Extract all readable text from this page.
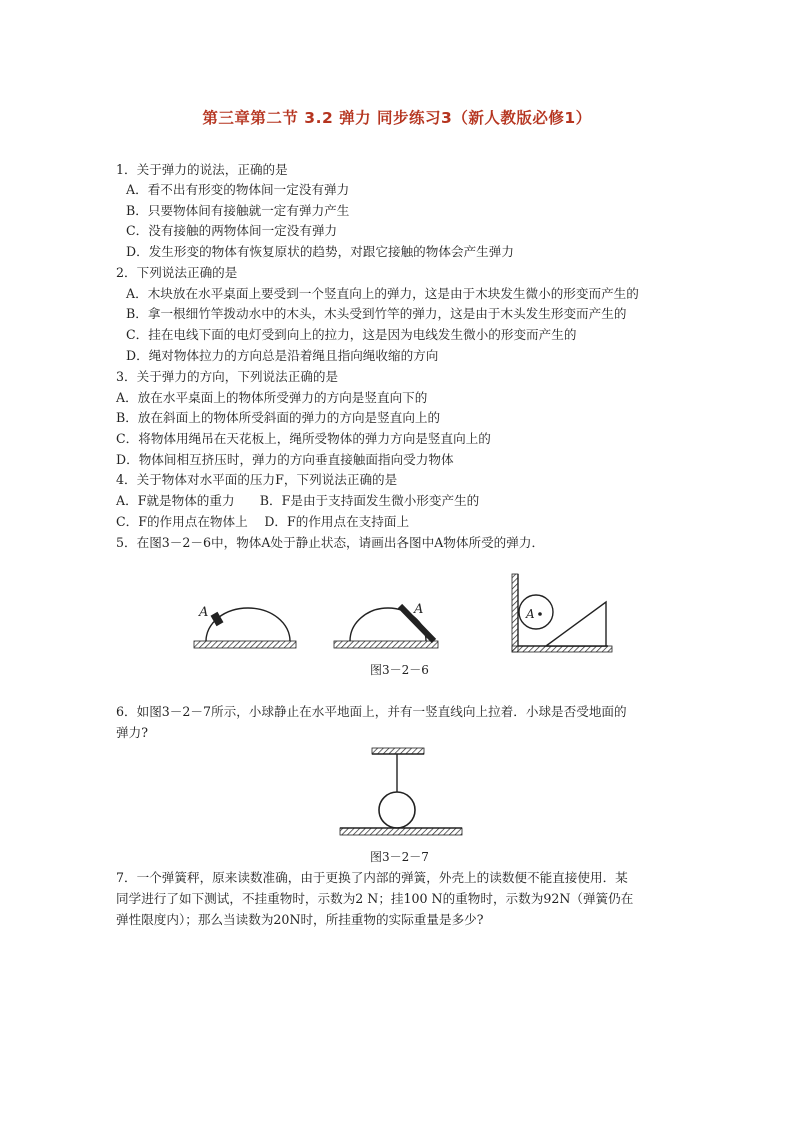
第三章第二节 3.2 弹力 同步练习3（新人教版必修1）
1．关于弹力的说法，正确的是
A．看不出有形变的物体间一定没有弹力
B．只要物体间有接触就一定有弹力产生
C．没有接触的两物体间一定没有弹力
D．发生形变的物体有恢复原状的趋势，对跟它接触的物体会产生弹力
2．下列说法正确的是
A．木块放在水平桌面上要受到一个竖直向上的弹力，这是由于木块发生微小的形变而产生的
B．拿一根细竹竿拨动水中的木头，木头受到竹竿的弹力，这是由于木头发生形变而产生的
C．挂在电线下面的电灯受到向上的拉力，这是因为电线发生微小的形变而产生的
D．绳对物体拉力的方向总是沿着绳且指向绳收缩的方向
3．关于弹力的方向，下列说法正确的是
A．放在水平桌面上的物体所受弹力的方向是竖直向下的
B．放在斜面上的物体所受斜面的弹力的方向是竖直向上的
C．将物体用绳吊在天花板上，绳所受物体的弹力方向是竖直向上的
D．物体间相互挤压时，弹力的方向垂直接触面指向受力物体
4．关于物体对水平面的压力F，下列说法正确的是
A．F就是物体的重力　　B．F是由于支持面发生微小形变产生的
C．F的作用点在物体上　 D．F的作用点在支持面上
5．在图3－2－6中，物体A处于静止状态，请画出各图中A物体所受的弹力．
A	A	A
图3－2－6
6．如图3－2－7所示，小球静止在水平地面上，并有一竖直线向上拉着．小球是否受地面的
弹力?
图3－2－7
7．一个弹簧秤，原来读数准确，由于更换了内部的弹簧，外壳上的读数便不能直接使用．某
同学进行了如下测试，不挂重物时，示数为2 N；挂100 N的重物时，示数为92N（弹簧仍在
弹性限度内）；那么当读数为20N时，所挂重物的实际重量是多少?
